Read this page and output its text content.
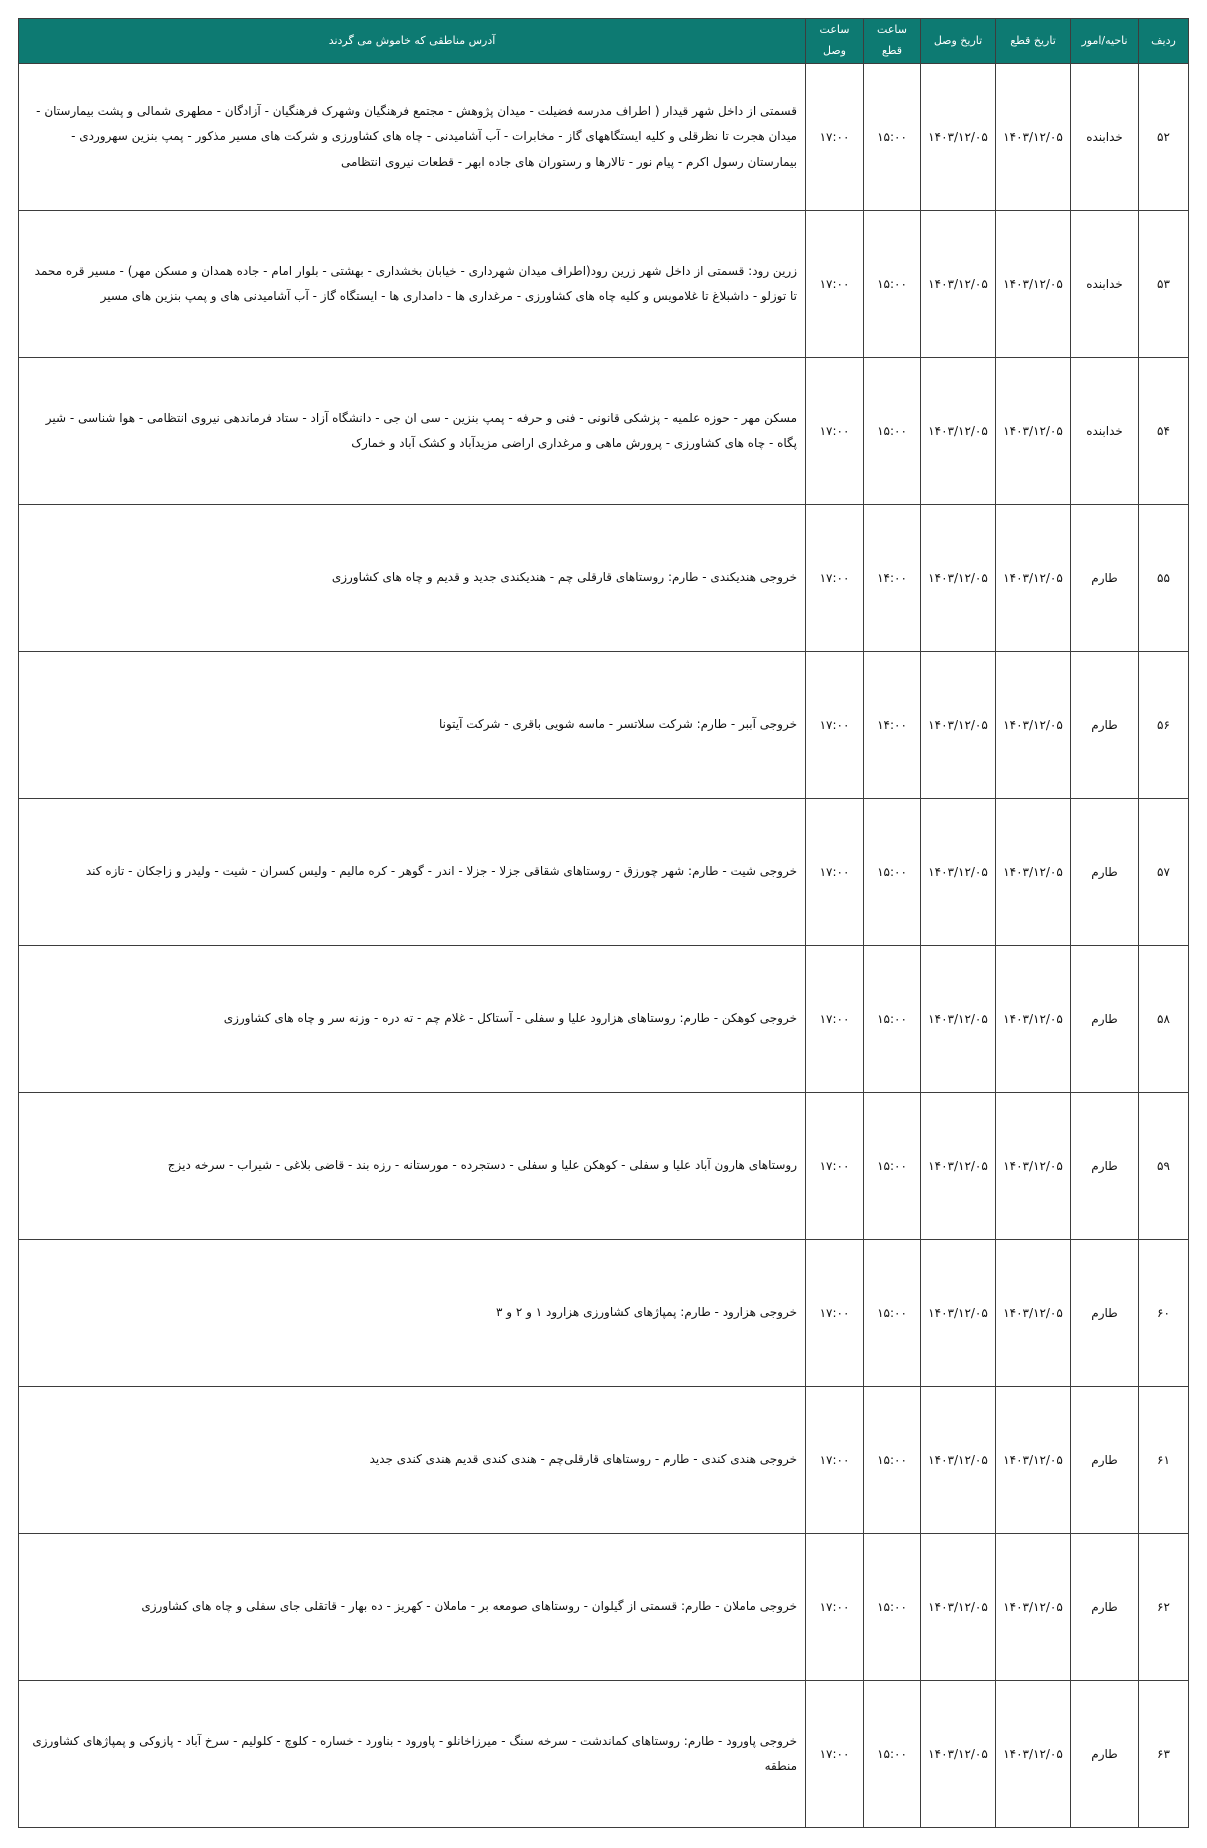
ردیف	ناحیه/امور	تاریخ قطع	تاریخ وصل	ساعت قطع	ساعت وصل	آدرس مناطقی که خاموش می گردند
۵۲	خدابنده	۱۴۰۳/۱۲/۰۵	۱۴۰۳/۱۲/۰۵	۱۵:۰۰	۱۷:۰۰	قسمتی از داخل شهر قیدار ( اطراف مدرسه فضیلت - میدان پژوهش - مجتمع فرهنگیان وشهرک فرهنگیان - آزادگان - مطهری شمالی و پشت بیمارستان - میدان هجرت تا نظرقلی و کلیه ایستگاههای گاز - مخابرات - آب آشامیدنی - چاه های کشاورزی و شرکت های مسیر مذکور - پمپ بنزین سهروردی - بیمارستان رسول اکرم - پیام نور - تالارها و رستوران های جاده ابهر - قطعات نیروی انتظامی
۵۳	خدابنده	۱۴۰۳/۱۲/۰۵	۱۴۰۳/۱۲/۰۵	۱۵:۰۰	۱۷:۰۰	زرین رود: قسمتی از داخل شهر زرین رود(اطراف میدان شهرداری - خیابان بخشداری - بهشتی - بلوار امام - جاده همدان و مسکن مهر) - مسیر قره محمد تا توزلو - داشبلاغ تا غلامویس و کلیه چاه های کشاورزی - مرغداری ها - دامداری ها - ایستگاه گاز - آب آشامیدنی های و پمپ بنزین های مسیر
۵۴	خدابنده	۱۴۰۳/۱۲/۰۵	۱۴۰۳/۱۲/۰۵	۱۵:۰۰	۱۷:۰۰	مسکن مهر - حوزه علمیه - پزشکی قانونی - فنی و حرفه - پمپ بنزین - سی ان جی - دانشگاه آزاد - ستاد فرماندهی نیروی انتظامی - هوا شناسی - شیر پگاه - چاه های کشاورزی - پرورش ماهی و مرغداری اراضی مزیدآباد و کشک آباد و خمارک
۵۵	طارم	۱۴۰۳/۱۲/۰۵	۱۴۰۳/۱۲/۰۵	۱۴:۰۰	۱۷:۰۰	خروجی هندیکندی - طارم: روستاهای قارقلی چم - هندیکندی جدید و قدیم و چاه های کشاورزی
۵۶	طارم	۱۴۰۳/۱۲/۰۵	۱۴۰۳/۱۲/۰۵	۱۴:۰۰	۱۷:۰۰	خروجی آببر - طارم: شرکت سلاتسر - ماسه شویی باقری - شرکت آیتونا
۵۷	طارم	۱۴۰۳/۱۲/۰۵	۱۴۰۳/۱۲/۰۵	۱۵:۰۰	۱۷:۰۰	خروجی شیت - طارم: شهر چورزق - روستاهای شقاقی جزلا - جزلا - اندر - گوهر - کره مالیم - ولیس کسران - شیت - ولیدر و زاجکان - تازه کند
۵۸	طارم	۱۴۰۳/۱۲/۰۵	۱۴۰۳/۱۲/۰۵	۱۵:۰۰	۱۷:۰۰	خروجی کوهکن - طارم: روستاهای هزارود علیا و سفلی - آستاکل - غلام چم - ته دره - وزنه سر و چاه های کشاورزی
۵۹	طارم	۱۴۰۳/۱۲/۰۵	۱۴۰۳/۱۲/۰۵	۱۵:۰۰	۱۷:۰۰	روستاهای هارون آباد علیا و سفلی - کوهکن علیا و سفلی - دستجرده - مورستانه - رزه بند - قاضی بلاغی - شیراب - سرخه دیزج
۶۰	طارم	۱۴۰۳/۱۲/۰۵	۱۴۰۳/۱۲/۰۵	۱۵:۰۰	۱۷:۰۰	خروجی هزارود - طارم: پمپاژهای کشاورزی هزارود ۱ و ۲ و ۳
۶۱	طارم	۱۴۰۳/۱۲/۰۵	۱۴۰۳/۱۲/۰۵	۱۵:۰۰	۱۷:۰۰	خروجی هندی کندی - طارم - روستاهای قارقلی‌چم - هندی کندی قدیم هندی کندی جدید
۶۲	طارم	۱۴۰۳/۱۲/۰۵	۱۴۰۳/۱۲/۰۵	۱۵:۰۰	۱۷:۰۰	خروجی ماملان - طارم: قسمتی از گیلوان - روستاهای صومعه بر - ماملان - کهریز - ده بهار - قاتقلی جای سفلی و چاه های کشاورزی
۶۳	طارم	۱۴۰۳/۱۲/۰۵	۱۴۰۳/۱۲/۰۵	۱۵:۰۰	۱۷:۰۰	خروجی پاورود - طارم: روستاهای کماندشت - سرخه سنگ - میرزاخانلو - پاورود - بناورد - خساره - کلوچ - کلولیم - سرخ آباد - پازوکی و پمپاژهای کشاورزی منطقه
